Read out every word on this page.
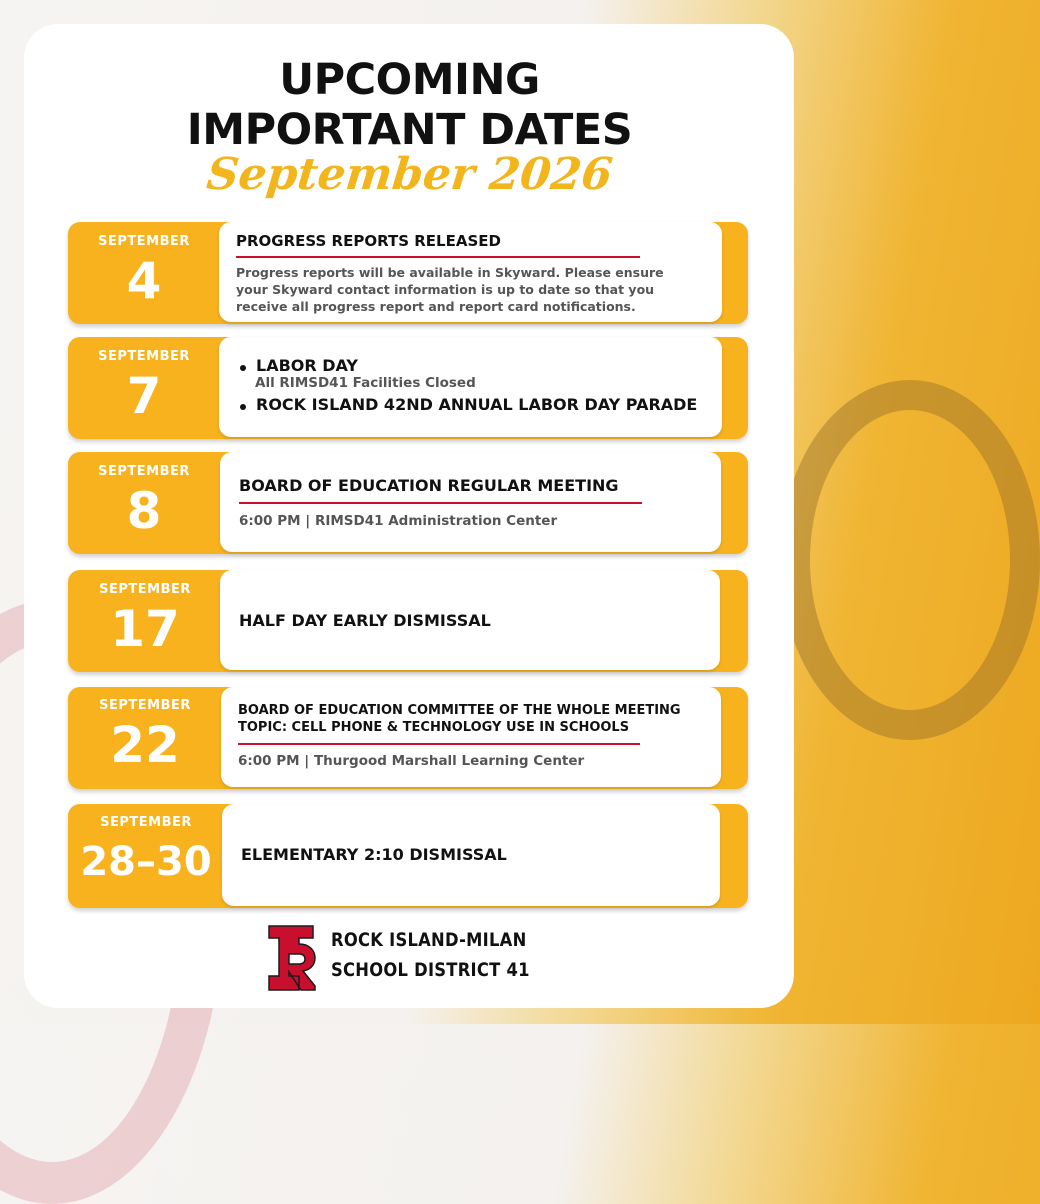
UPCOMING
IMPORTANT DATES
September 2026
SEPTEMBER
4
PROGRESS REPORTS RELEASED
Progress reports will be available in Skyward. Please ensure
your Skyward contact information is up to date so that you
receive all progress report and report card notifications.
SEPTEMBER
7
LABOR DAY
All RIMSD41 Facilities Closed
ROCK ISLAND 42ND ANNUAL LABOR DAY PARADE
SEPTEMBER
8	BOARD OF EDUCATION REGULAR MEETING
6:00 PM | RIMSD41 Administration Center
SEPTEMBER
17	HALF DAY EARLY DISMISSAL
SEPTEMBER
22
BOARD OF EDUCATION COMMITTEE OF THE WHOLE MEETING
TOPIC: CELL PHONE & TECHNOLOGY USE IN SCHOOLS
6:00 PM | Thurgood Marshall Learning Center
SEPTEMBER
28–30	ELEMENTARY 2:10 DISMISSAL
ROCK ISLAND-MILAN
SCHOOL DISTRICT 41
